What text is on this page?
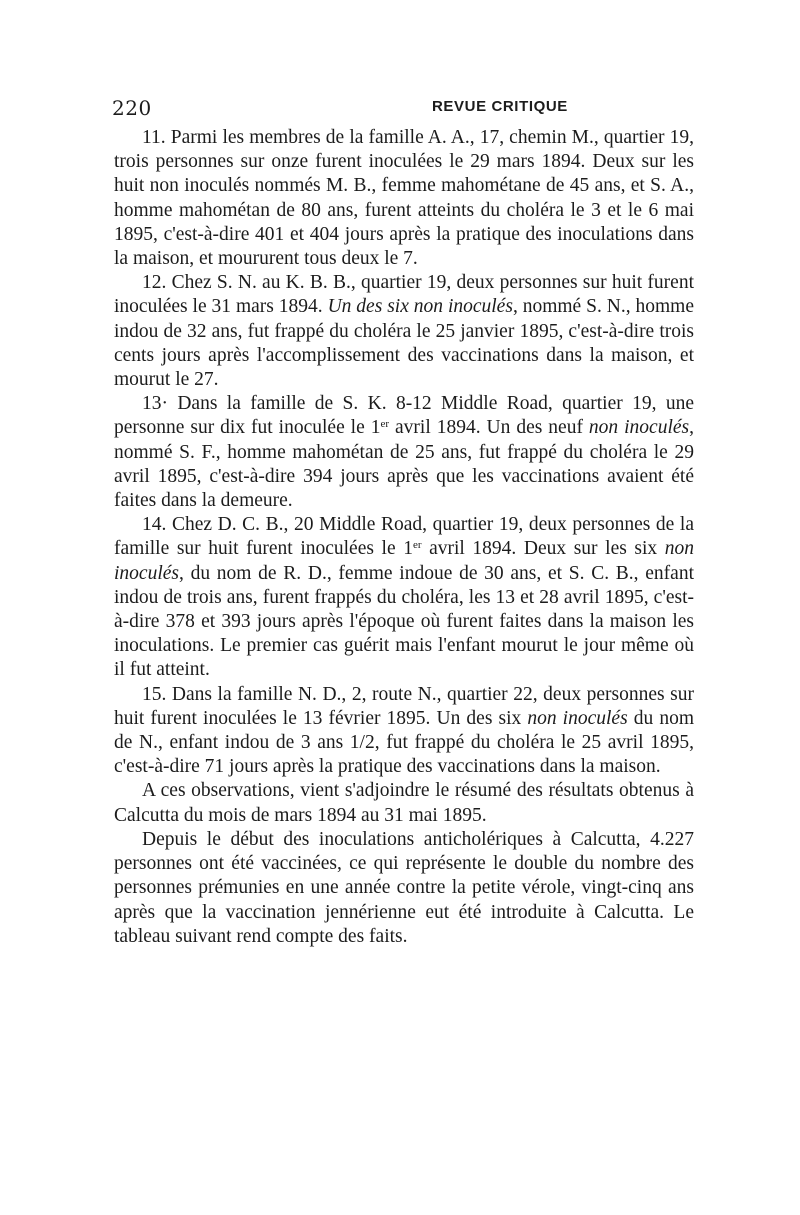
220	REVUE CRITIQUE

11. Parmi les membres de la famille A. A., 17, chemin M., quartier 19, trois personnes sur onze furent inoculées le 29 mars 1894. Deux sur les huit non inoculés nommés M. B., femme mahométane de 45 ans, et S. A., homme mahométan de 80 ans, furent atteints du choléra le 3 et le 6 mai 1895, c'est-à-dire 401 et 404 jours après la pratique des inoculations dans la maison, et moururent tous deux le 7.

12. Chez S. N. au K. B. B., quartier 19, deux personnes sur huit furent inoculées le 31 mars 1894. Un des six non inoculés, nommé S. N., homme indou de 32 ans, fut frappé du choléra le 25 janvier 1895, c'est-à-dire trois cents jours après l'accomplissement des vaccinations dans la maison, et mourut le 27.

13· Dans la famille de S. K. 8-12 Middle Road, quartier 19, une personne sur dix fut inoculée le 1er avril 1894. Un des neuf non inoculés, nommé S. F., homme mahométan de 25 ans, fut frappé du choléra le 29 avril 1895, c'est-à-dire 394 jours après que les vaccinations avaient été faites dans la demeure.

14. Chez D. C. B., 20 Middle Road, quartier 19, deux personnes de la famille sur huit furent inoculées le 1er avril 1894. Deux sur les six non inoculés, du nom de R. D., femme indoue de 30 ans, et S. C. B., enfant indou de trois ans, furent frappés du choléra, les 13 et 28 avril 1895, c'est-à-dire 378 et 393 jours après l'époque où furent faites dans la maison les inoculations. Le premier cas guérit mais l'enfant mourut le jour même où il fut atteint.

15. Dans la famille N. D., 2, route N., quartier 22, deux personnes sur huit furent inoculées le 13 février 1895. Un des six non inoculés du nom de N., enfant indou de 3 ans 1/2, fut frappé du choléra le 25 avril 1895, c'est-à-dire 71 jours après la pratique des vaccinations dans la maison.

A ces observations, vient s'adjoindre le résumé des résultats obtenus à Calcutta du mois de mars 1894 au 31 mai 1895.

Depuis le début des inoculations anticholériques à Calcutta, 4.227 personnes ont été vaccinées, ce qui représente le double du nombre des personnes prémunies en une année contre la petite vérole, vingt-cinq ans après que la vaccination jennérienne eut été introduite à Calcutta. Le tableau suivant rend compte des faits.
